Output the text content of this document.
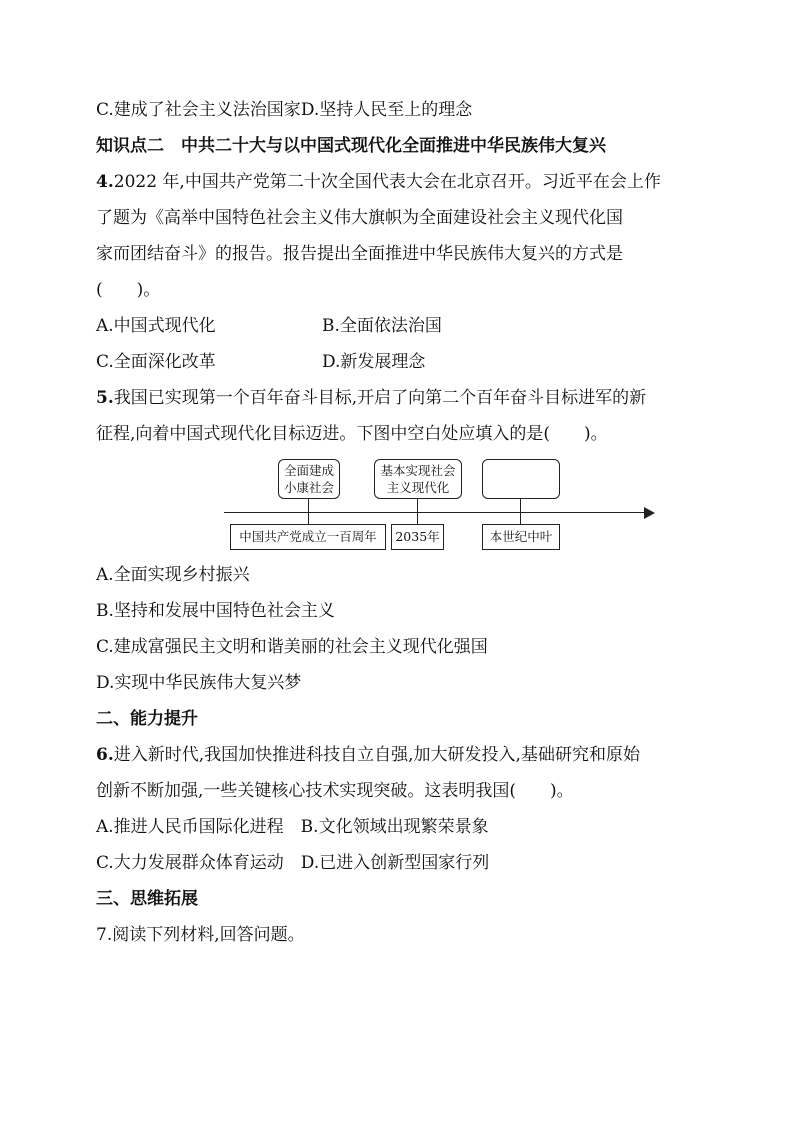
C.建成了社会主义法治国家D.坚持人民至上的理念
知识点二　中共二十大与以中国式现代化全面推进中华民族伟大复兴
4.2022 年,中国共产党第二十次全国代表大会在北京召开。习近平在会上作
了题为《高举中国特色社会主义伟大旗帜为全面建设社会主义现代化国
家而团结奋斗》的报告。报告提出全面推进中华民族伟大复兴的方式是
(　　)。
A.中国式现代化	B.全面依法治国
C.全面深化改革	D.新发展理念
5.我国已实现第一个百年奋斗目标,开启了向第二个百年奋斗目标进军的新
征程,向着中国式现代化目标迈进。下图中空白处应填入的是(　　)。
全面建成
小康社会
基本实现社会
主义现代化
中国共产党成立一百周年	2035年	本世纪中叶
A.全面实现乡村振兴
B.坚持和发展中国特色社会主义
C.建成富强民主文明和谐美丽的社会主义现代化强国
D.实现中华民族伟大复兴梦
二、能力提升
6.进入新时代,我国加快推进科技自立自强,加大研发投入,基础研究和原始
创新不断加强,一些关键核心技术实现突破。这表明我国(　　)。
A.推进人民币国际化进程　B.文化领域出现繁荣景象
C.大力发展群众体育运动　D.已进入创新型国家行列
三、思维拓展
7.阅读下列材料,回答问题。
